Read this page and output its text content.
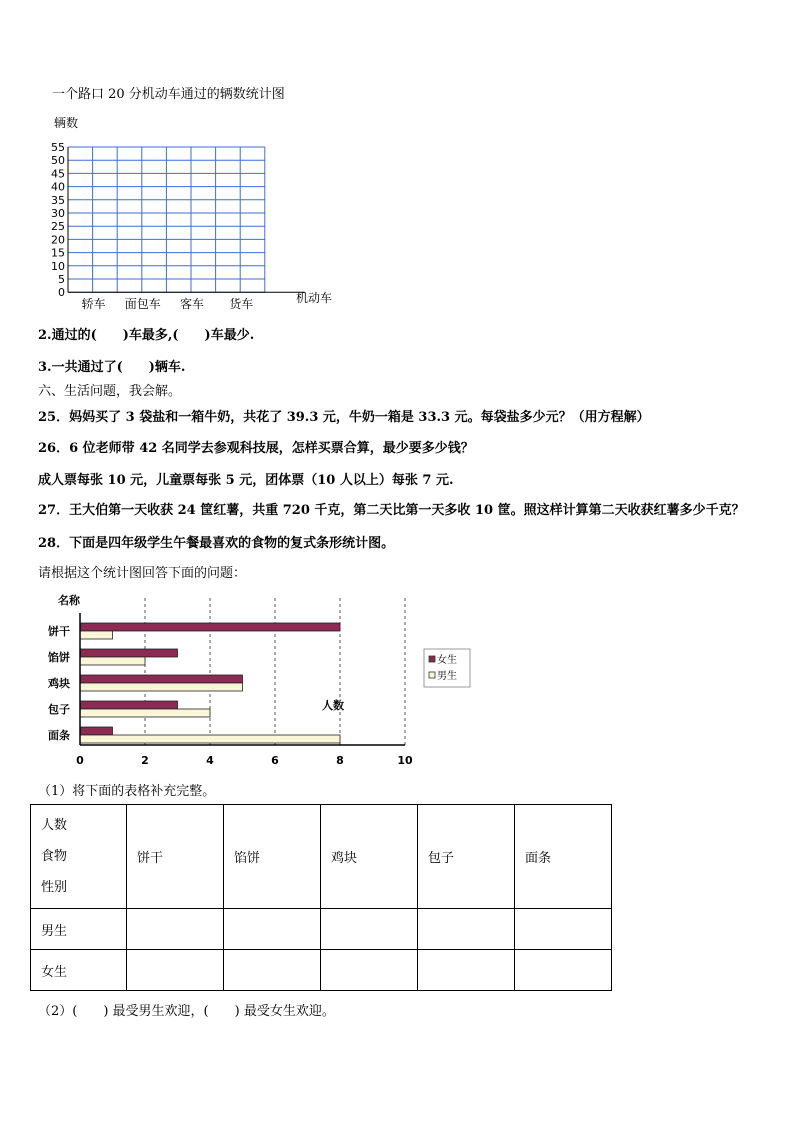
一个路口 20 分机动车通过的辆数统计图
辆数
55
50
45
40
35
30
25
20
15
10
5
0
轿车 面包车 客车 货车	机动车
2.通过的(　　)车最多,(　　)车最少.
3.一共通过了(　　)辆车.
六、生活问题，我会解。
25．妈妈买了 3 袋盐和一箱牛奶，共花了 39.3 元，牛奶一箱是 33.3 元。每袋盐多少元？（用方程解）
26．6 位老师带 42 名同学去参观科技展，怎样买票合算，最少要多少钱？
成人票每张 10 元，儿童票每张 5 元，团体票（10 人以上）每张 7 元.
27．王大伯第一天收获 24 筐红薯，共重 720 千克，第二天比第一天多收 10 筐。照这样计算第二天收获红薯多少千克？
28．下面是四年级学生午餐最喜欢的食物的复式条形统计图。
请根据这个统计图回答下面的问题：
名称
人数
饼干
馅饼
鸡块
包子
面条
0	2	4	6	8	10
女生
男生
（1）将下面的表格补充完整。
人数
食物
性别	饼干	馅饼	鸡块	包子	面条
男生					
女生					
（2）(　　) 最受男生欢迎，(　　) 最受女生欢迎。
